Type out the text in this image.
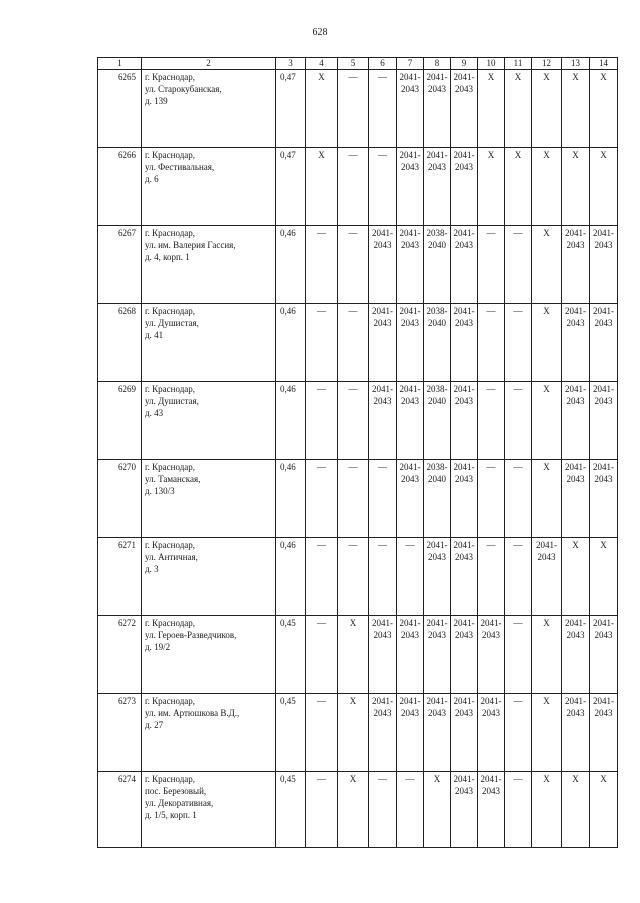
628
1	2	3	4	5	6	7	8	9	10	11	12	13	14
6265	г. Краснодар,
ул. Старокубанская,
д. 139	0,47	Х	—	—	2041-
2043	2041-
2043	2041-
2043	Х	Х	Х	Х	Х

6266	г. Краснодар,
ул. Фестивальная,
д. 6	0,47	Х	—	—	2041-
2043	2041-
2043	2041-
2043	Х	Х	Х	Х	Х

6267	г. Краснодар,
ул. им. Валерия Гассия,
д. 4, корп. 1	0,46	—	—	2041-
2043	2041-
2043	2038-
2040	2041-
2043	—	—	Х	2041-
2043	2041-
2043

6268	г. Краснодар,
ул. Душистая,
д. 41	0,46	—	—	2041-
2043	2041-
2043	2038-
2040	2041-
2043	—	—	Х	2041-
2043	2041-
2043

6269	г. Краснодар,
ул. Душистая,
д. 43	0,46	—	—	2041-
2043	2041-
2043	2038-
2040	2041-
2043	—	—	Х	2041-
2043	2041-
2043

6270	г. Краснодар,
ул. Таманская,
д. 130/3	0,46	—	—	—	2041-
2043	2038-
2040	2041-
2043	—	—	Х	2041-
2043	2041-
2043

6271	г. Краснодар,
ул. Античная,
д. 3	0,46	—	—	—	—	2041-
2043	2041-
2043	—	—	2041-
2043	Х	Х

6272	г. Краснодар,
ул. Героев-Разведчиков,
д. 19/2	0,45	—	Х	2041-
2043	2041-
2043	2041-
2043	2041-
2043	2041-
2043	—	Х	2041-
2043	2041-
2043

6273	г. Краснодар,
ул. им. Артюшкова В.Д.,
д. 27	0,45	—	Х	2041-
2043	2041-
2043	2041-
2043	2041-
2043	2041-
2043	—	Х	2041-
2043	2041-
2043

6274	г. Краснодар,
пос. Березовый,
ул. Декоративная,
д. 1/5, корп. 1	0,45	—	Х	—	—	Х	2041-
2043	2041-
2043	—	Х	Х	Х
